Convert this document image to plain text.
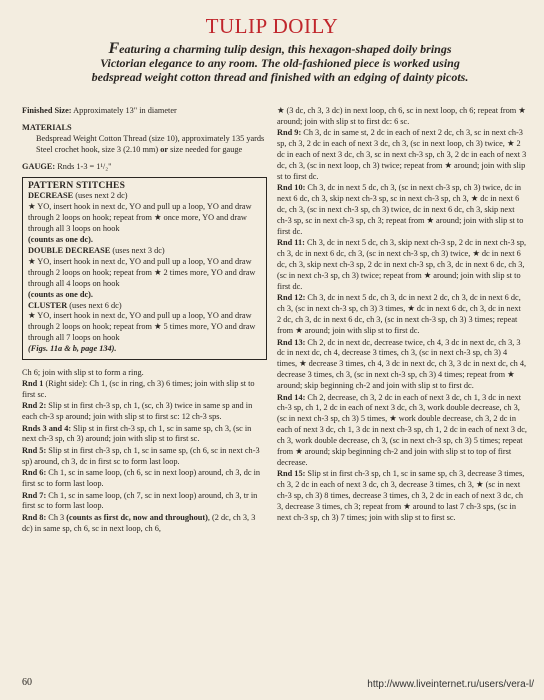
TULIP DOILY

Featuring a charming tulip design, this hexagon-shaped doily brings Victorian elegance to any room. The old-fashioned piece is worked using bedspread weight cotton thread and finished with an edging of dainty picots.

Finished Size: Approximately 13" in diameter

MATERIALS

Bedspread Weight Cotton Thread (size 10), approximately 135 yards

Steel crochet hook, size 3 (2.10 mm) or size needed for gauge

GAUGE: Rnds 1-3 = 1¹/₂"

PATTERN STITCHES

DECREASE (uses next 2 dc)

★ YO, insert hook in next dc, YO and pull up a loop, YO and draw through 2 loops on hook; repeat from ★ once more, YO and draw through all 3 loops on hook

(counts as one dc).

DOUBLE DECREASE (uses next 3 dc)

★ YO, insert hook in next dc, YO and pull up a loop, YO and draw through 2 loops on hook; repeat from ★ 2 times more, YO and draw through all 4 loops on hook

(counts as one dc).

CLUSTER (uses next 6 dc)

★ YO, insert hook in next dc, YO and pull up a loop, YO and draw through 2 loops on hook; repeat from ★ 5 times more, YO and draw through all 7 loops on hook

(Figs. 11a & b, page 134).

Ch 6; join with slip st to form a ring.

Rnd 1 (Right side): Ch 1, (sc in ring, ch 3) 6 times; join with slip st to first sc.

Rnd 2: Slip st in first ch-3 sp, ch 1, (sc, ch 3) twice in same sp and in each ch-3 sp around; join with slip st to first sc: 12 ch-3 sps.

Rnds 3 and 4: Slip st in first ch-3 sp, ch 1, sc in same sp, ch 3, (sc in next ch-3 sp, ch 3) around; join with slip st to first sc.

Rnd 5: Slip st in first ch-3 sp, ch 1, sc in same sp, (ch 6, sc in next ch-3 sp) around, ch 3, dc in first sc to form last loop.

Rnd 6: Ch 1, sc in same loop, (ch 6, sc in next loop) around, ch 3, dc in first sc to form last loop.

Rnd 7: Ch 1, sc in same loop, (ch 7, sc in next loop) around, ch 3, tr in first sc to form last loop.

Rnd 8: Ch 3 (counts as first dc, now and throughout), (2 dc, ch 3, 3 dc) in same sp, ch 6, sc in next loop, ch 6,

★ (3 dc, ch 3, 3 dc) in next loop, ch 6, sc in next loop, ch 6; repeat from ★ around; join with slip st to first dc: 6 sc.

Rnd 9: Ch 3, dc in same st, 2 dc in each of next 2 dc, ch 3, sc in next ch-3 sp, ch 3, 2 dc in each of next 3 dc, ch 3, (sc in next loop, ch 3) twice, ★ 2 dc in each of next 3 dc, ch 3, sc in next ch-3 sp, ch 3, 2 dc in each of next 3 dc, ch 3, (sc in next loop, ch 3) twice; repeat from ★ around; join with slip st to first dc.

Rnd 10: Ch 3, dc in next 5 dc, ch 3, (sc in next ch-3 sp, ch 3) twice, dc in next 6 dc, ch 3, skip next ch-3 sp, sc in next ch-3 sp, ch 3, ★ dc in next 6 dc, ch 3, (sc in next ch-3 sp, ch 3) twice, dc in next 6 dc, ch 3, skip next ch-3 sp, sc in next ch-3 sp, ch 3; repeat from ★ around; join with slip st to first dc.

Rnd 11: Ch 3, dc in next 5 dc, ch 3, skip next ch-3 sp, 2 dc in next ch-3 sp, ch 3, dc in next 6 dc, ch 3, (sc in next ch-3 sp, ch 3) twice, ★ dc in next 6 dc, ch 3, skip next ch-3 sp, 2 dc in next ch-3 sp, ch 3, dc in next 6 dc, ch 3, (sc in next ch-3 sp, ch 3) twice; repeat from ★ around; join with slip st to first dc.

Rnd 12: Ch 3, dc in next 5 dc, ch 3, dc in next 2 dc, ch 3, dc in next 6 dc, ch 3, (sc in next ch-3 sp, ch 3) 3 times, ★ dc in next 6 dc, ch 3, dc in next 2 dc, ch 3, dc in next 6 dc, ch 3, (sc in next ch-3 sp, ch 3) 3 times; repeat from ★ around; join with slip st to first dc.

Rnd 13: Ch 2, dc in next dc, decrease twice, ch 4, 3 dc in next dc, ch 3, 3 dc in next dc, ch 4, decrease 3 times, ch 3, (sc in next ch-3 sp, ch 3) 4 times, ★ decrease 3 times, ch 4, 3 dc in next dc, ch 3, 3 dc in next dc, ch 4, decrease 3 times, ch 3, (sc in next ch-3 sp, ch 3) 4 times; repeat from ★ around; skip beginning ch-2 and join with slip st to first dc.

Rnd 14: Ch 2, decrease, ch 3, 2 dc in each of next 3 dc, ch 1, 3 dc in next ch-3 sp, ch 1, 2 dc in each of next 3 dc, ch 3, work double decrease, ch 3, (sc in next ch-3 sp, ch 3) 5 times, ★ work double decrease, ch 3, 2 dc in each of next 3 dc, ch 1, 3 dc in next ch-3 sp, ch 1, 2 dc in each of next 3 dc, ch 3, work double decrease, ch 3, (sc in next ch-3 sp, ch 3) 5 times; repeat from ★ around; skip beginning ch-2 and join with slip st to top of first decrease.

Rnd 15: Slip st in first ch-3 sp, ch 1, sc in same sp, ch 3, decrease 3 times, ch 3, 2 dc in each of next 3 dc, ch 3, decrease 3 times, ch 3, ★ (sc in next ch-3 sp, ch 3) 8 times, decrease 3 times, ch 3, 2 dc in each of next 3 dc, ch 3, decrease 3 times, ch 3; repeat from ★ around to last 7 ch-3 sps, (sc in next ch-3 sp, ch 3) 7 times; join with slip st to first sc.

60	http://www.liveinternet.ru/users/vera-l/
